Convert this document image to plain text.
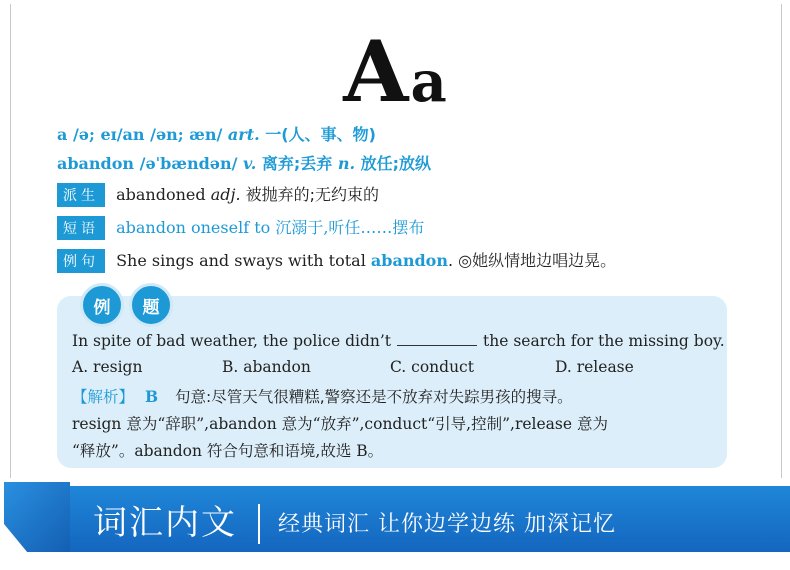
Aa
a /ə; eɪ/an /ən; æn/ art. 一(人、事、物)
abandon /əˈbændən/ v. 离弃;丢弃 n. 放任;放纵
派生 abandoned adj. 被抛弃的;无约束的
短语 abandon oneself to 沉溺于,听任……摆布
例句 She sings and sways with total abandon. ◎她纵情地边唱边晃。
例	题
In spite of bad weather, the police didn’t	the search for the missing boy.
A. resign	B. abandon	C. conduct	D. release
【解析】 B 句意:尽管天气很糟糕,警察还是不放弃对失踪男孩的搜寻。
resign 意为“辞职”,abandon 意为“放弃”,conduct“引导,控制”,release 意为
“释放”。abandon 符合句意和语境,故选 B。
词汇内文 经典词汇 让你边学边练 加深记忆
